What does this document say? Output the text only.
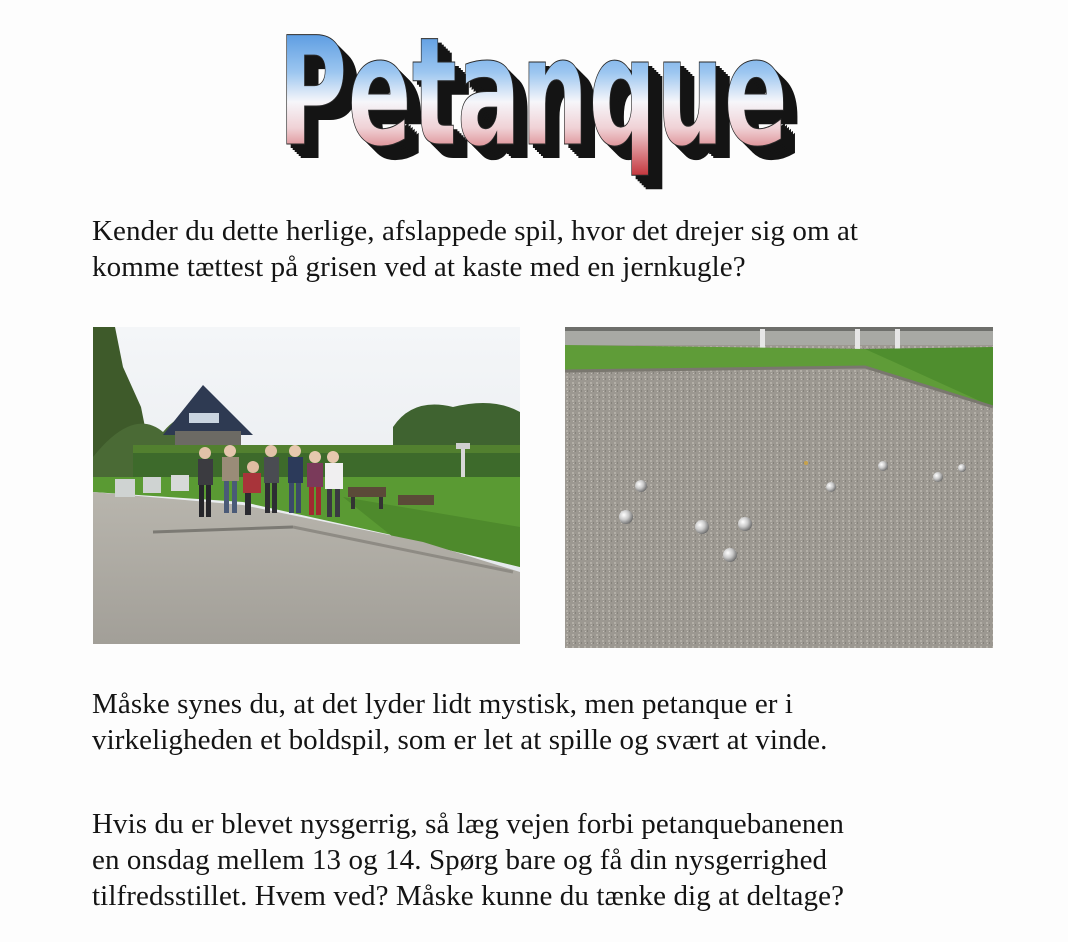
Petanque
Petanque
Petanque
Petanque
Petanque
Petanque
Petanque

Kender du dette herlige, afslappede spil, hvor det drejer sig om at
komme tættest på grisen ved at kaste med en jernkugle?

Måske synes du, at det lyder lidt mystisk, men petanque er i
virkeligheden et boldspil, som er let at spille og svært at vinde.

Hvis du er blevet nysgerrig, så læg vejen forbi petanquebanenen
en onsdag mellem 13 og 14. Spørg bare og få din nysgerrighed
tilfredsstillet. Hvem ved? Måske kunne du tænke dig at deltage?
